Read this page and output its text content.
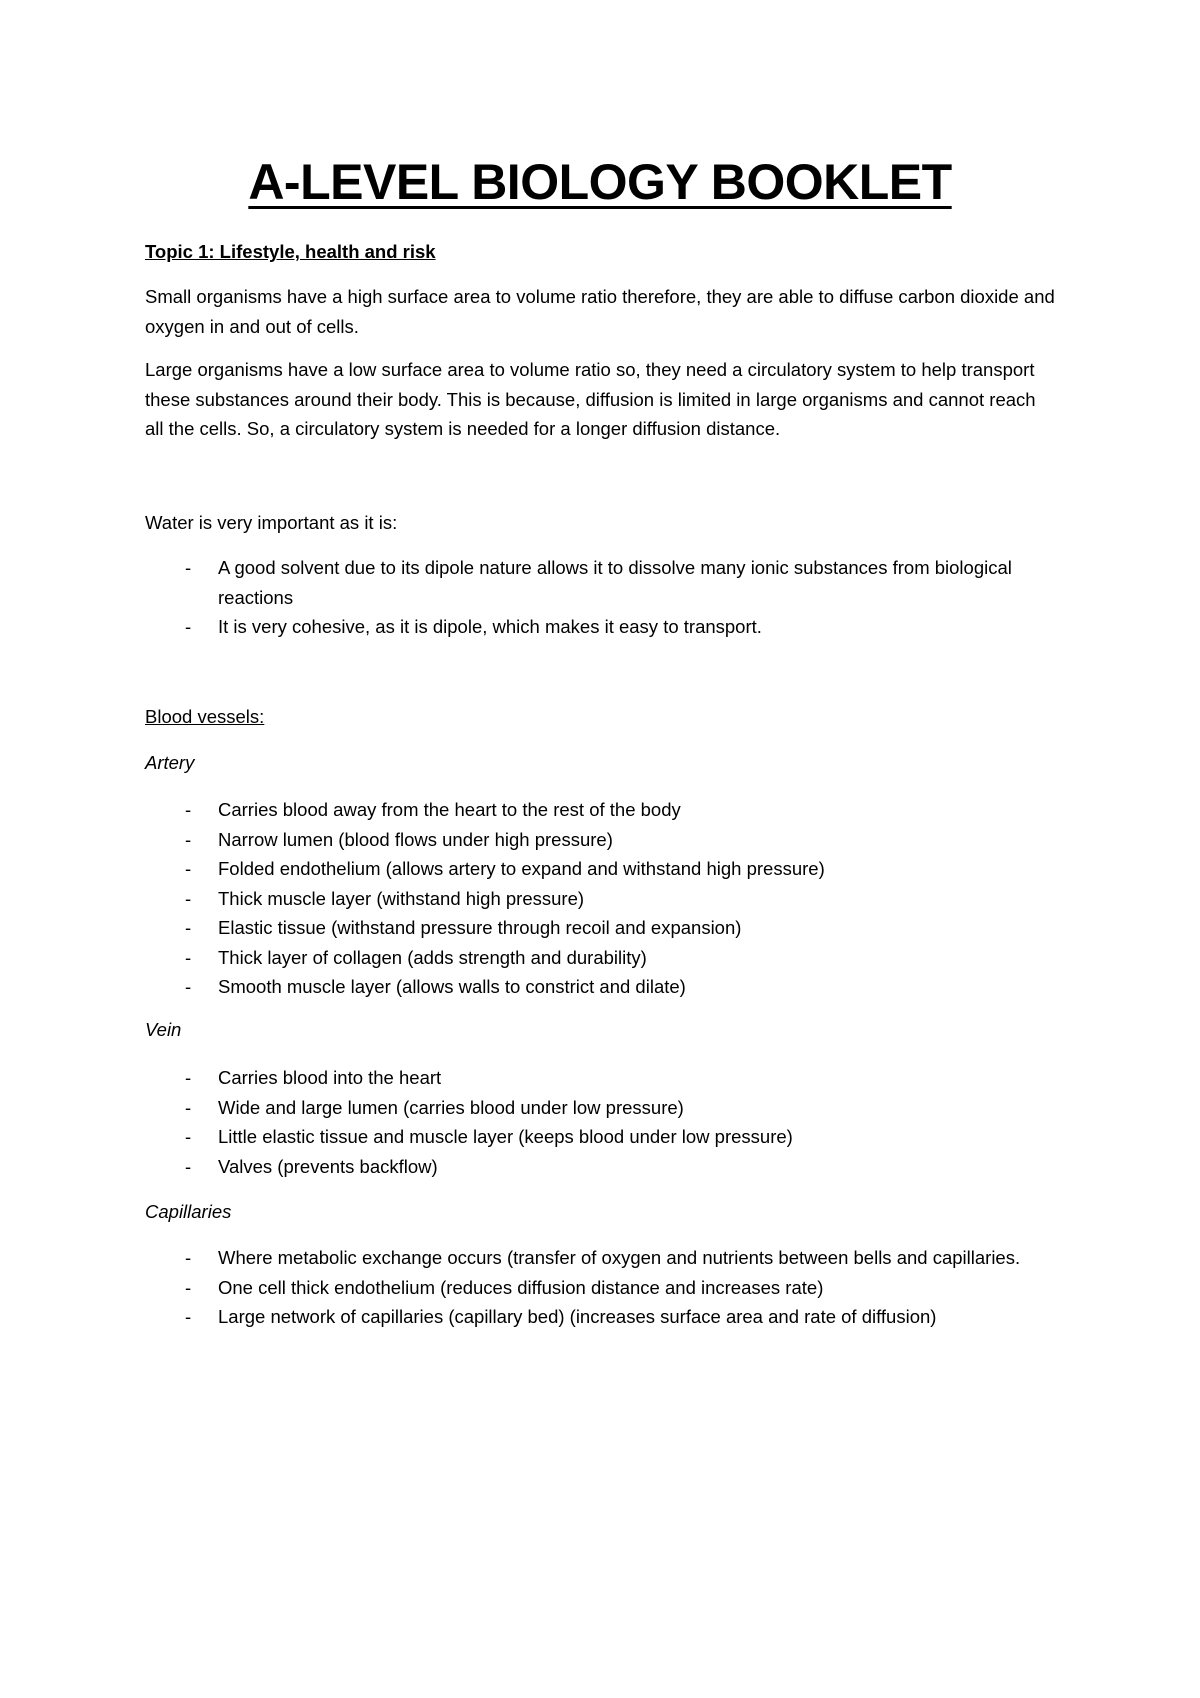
A-LEVEL BIOLOGY BOOKLET

Topic 1: Lifestyle, health and risk

Small organisms have a high surface area to volume ratio therefore, they are able to diffuse carbon dioxide and oxygen in and out of cells.

Large organisms have a low surface area to volume ratio so, they need a circulatory system to help transport these substances around their body. This is because, diffusion is limited in large organisms and cannot reach all the cells. So, a circulatory system is needed for a longer diffusion distance.

Water is very important as it is:

- A good solvent due to its dipole nature allows it to dissolve many ionic substances from biological reactions
- It is very cohesive, as it is dipole, which makes it easy to transport.

Blood vessels:

Artery

- Carries blood away from the heart to the rest of the body
- Narrow lumen (blood flows under high pressure)
- Folded endothelium (allows artery to expand and withstand high pressure)
- Thick muscle layer (withstand high pressure)
- Elastic tissue (withstand pressure through recoil and expansion)
- Thick layer of collagen (adds strength and durability)
- Smooth muscle layer (allows walls to constrict and dilate)

Vein

- Carries blood into the heart
- Wide and large lumen (carries blood under low pressure)
- Little elastic tissue and muscle layer (keeps blood under low pressure)
- Valves (prevents backflow)

Capillaries

- Where metabolic exchange occurs (transfer of oxygen and nutrients between bells and capillaries.
- One cell thick endothelium (reduces diffusion distance and increases rate)
- Large network of capillaries (capillary bed) (increases surface area and rate of diffusion)
